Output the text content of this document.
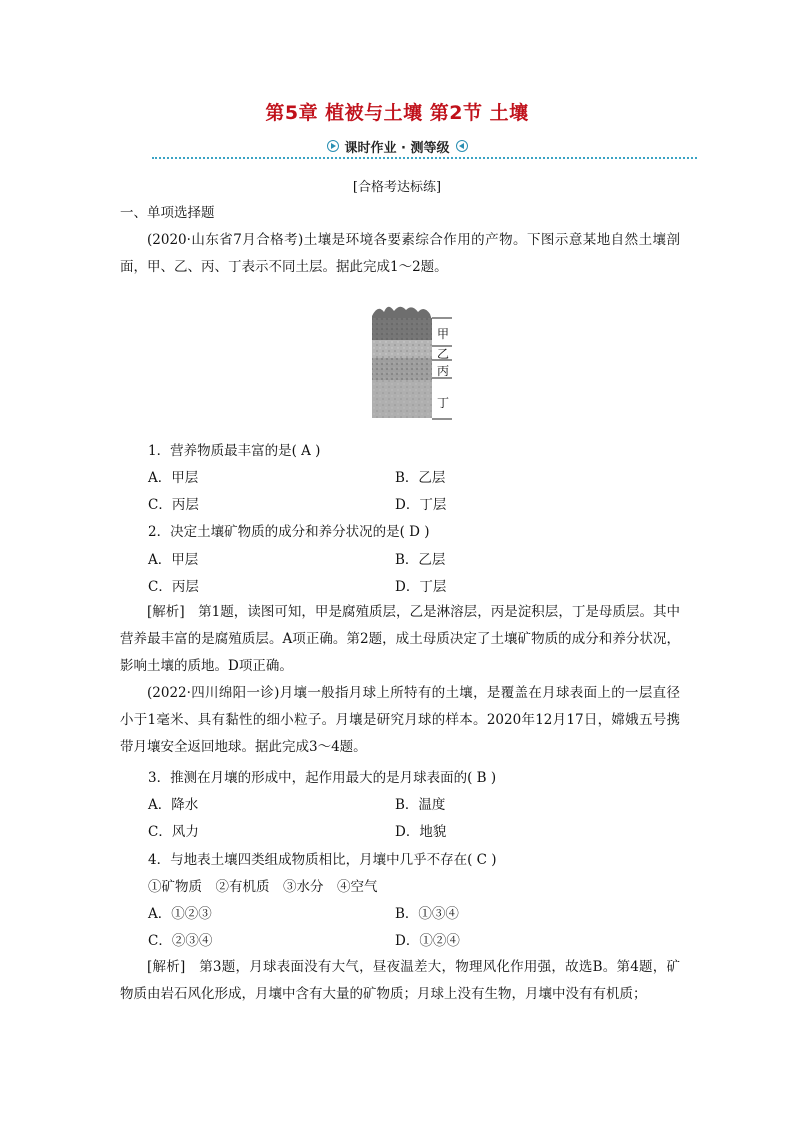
第5章 植被与土壤 第2节 土壤
课时作业 · 测等级
[合格考达标练]
一、单项选择题
(2020·山东省7月合格考)土壤是环境各要素综合作用的产物。下图示意某地自然土壤剖面，甲、乙、丙、丁表示不同土层。据此完成1～2题。
甲
乙
丙
丁
1．营养物质最丰富的是( A )
A．甲层	B．乙层
C．丙层	D．丁层
2．决定土壤矿物质的成分和养分状况的是( D )
A．甲层	B．乙层
C．丙层	D．丁层
[解析]　第1题，读图可知，甲是腐殖质层，乙是淋溶层，丙是淀积层，丁是母质层。其中营养最丰富的是腐殖质层。A项正确。第2题，成土母质决定了土壤矿物质的成分和养分状况，影响土壤的质地。D项正确。
(2022·四川绵阳一诊)月壤一般指月球上所特有的土壤，是覆盖在月球表面上的一层直径小于1毫米、具有黏性的细小粒子。月壤是研究月球的样本。2020年12月17日，嫦娥五号携带月壤安全返回地球。据此完成3～4题。
3．推测在月壤的形成中，起作用最大的是月球表面的( B )
A．降水	B．温度
C．风力	D．地貌
4．与地表土壤四类组成物质相比，月壤中几乎不存在( C )
①矿物质　②有机质　③水分　④空气
A．①②③	B．①③④
C．②③④	D．①②④
[解析]　第3题，月球表面没有大气，昼夜温差大，物理风化作用强，故选B。第4题，矿物质由岩石风化形成，月壤中含有大量的矿物质；月球上没有生物，月壤中没有有机质；
